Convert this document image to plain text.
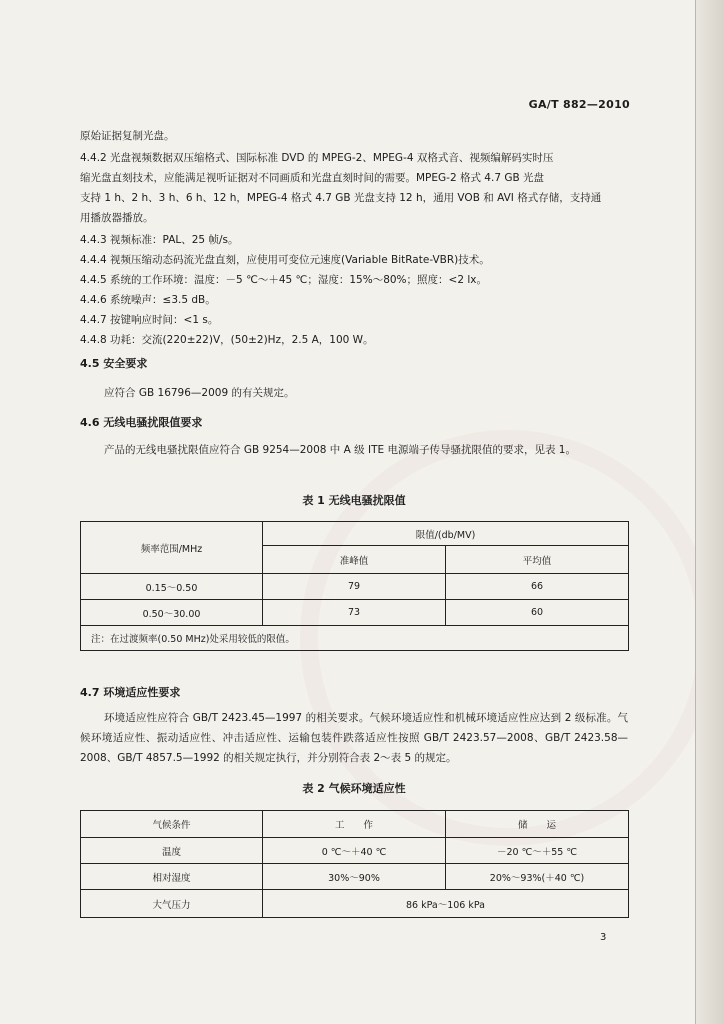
GA/T 882—2010
原始证据复制光盘。
4.4.2 光盘视频数据双压缩格式、国际标准 DVD 的 MPEG-2、MPEG-4 双格式音、视频编解码实时压
缩光盘直刻技术，应能满足视听证据对不同画质和光盘直刻时间的需要。MPEG-2 格式 4.7 GB 光盘
支持 1 h、2 h、3 h、6 h、12 h，MPEG-4 格式 4.7 GB 光盘支持 12 h，通用 VOB 和 AVI 格式存储，支持通
用播放器播放。
4.4.3 视频标准：PAL、25 帧/s。
4.4.4 视频压缩动态码流光盘直刻，应使用可变位元速度(Variable BitRate-VBR)技术。
4.4.5 系统的工作环境：温度：－5 ℃～＋45 ℃；湿度：15%～80%；照度：<2 lx。
4.4.6 系统噪声：≤3.5 dB。
4.4.7 按键响应时间：<1 s。
4.4.8 功耗：交流(220±22)V，(50±2)Hz，2.5 A，100 W。
4.5 安全要求
应符合 GB 16796—2009 的有关规定。
4.6 无线电骚扰限值要求
产品的无线电骚扰限值应符合 GB 9254—2008 中 A 级 ITE 电源端子传导骚扰限值的要求，见表 1。
表 1 无线电骚扰限值
频率范围/MHz	限值/(db/MV)	
	准峰值	平均值
0.15～0.50	79	66
0.50～30.00	73	60
注：在过渡频率(0.50 MHz)处采用较低的限值。		
4.7 环境适应性要求
环境适应性应符合 GB/T 2423.45—1997 的相关要求。气候环境适应性和机械环境适应性应达到 2 级标准。气候环境适应性、振动适应性、冲击适应性、运输包装件跌落适应性按照 GB/T 2423.57—2008、GB/T 2423.58—2008、GB/T 4857.5—1992 的相关规定执行，并分别符合表 2～表 5 的规定。
表 2 气候环境适应性
气候条件	工　　作	储　　运
温度	0 ℃～＋40 ℃	－20 ℃～＋55 ℃
相对湿度	30%～90%	20%～93%(＋40 ℃)
大气压力	86 kPa～106 kPa	
3
